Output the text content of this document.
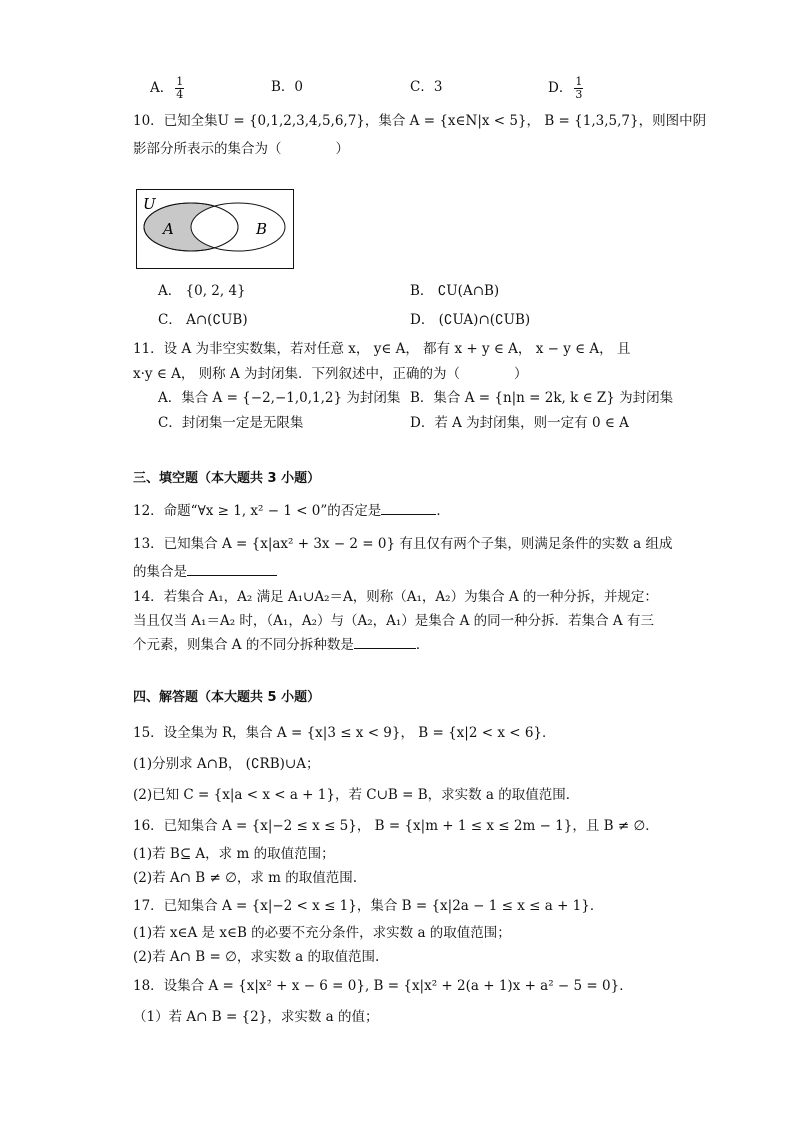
A． $\frac{1}{4}$	B．0	C．3	D． $\frac{1}{3}$
10．已知全集U = {0,1,2,3,4,5,6,7}，集合 A = {x∈N|x < 5}， B = {1,3,5,7}，则图中阴
影部分所表示的集合为（　　　　）
U
A	B
A． {0, 2, 4}	B． ∁U(A∩B)
C． A∩(∁UB)	D． (∁UA)∩(∁UB)
11．设 A 为非空实数集，若对任意 x， y∈ A， 都有 x + y ∈ A， x − y ∈ A， 且
x·y ∈ A， 则称 A 为封闭集．下列叙述中，正确的为（　　　　）
A．集合 A = {−2,−1,0,1,2} 为封闭集 B．集合 A = {n|n = 2k, k ∈ Z} 为封闭集
C．封闭集一定是无限集	D．若 A 为封闭集，则一定有 0 ∈ A
三、填空题（本大题共 3 小题）
12．命题“∀x ≥ 1, x² − 1 < 0”的否定是	．
13．已知集合 A = {x|ax² + 3x − 2 = 0} 有且仅有两个子集，则满足条件的实数 a 组成
的集合是
14．若集合 A₁，A₂ 满足 A₁∪A₂＝A，则称（A₁，A₂）为集合 A 的一种分拆，并规定：
当且仅当 A₁＝A₂ 时，（A₁，A₂）与（A₂，A₁）是集合 A 的同一种分拆．若集合 A 有三
个元素，则集合 A 的不同分拆种数是	．
四、解答题（本大题共 5 小题）
15．设全集为 R，集合 A = {x|3 ≤ x < 9}， B = {x|2 < x < 6}．
(1)分别求 A∩B， (∁RB)∪A；
(2)已知 C = {x|a < x < a + 1}，若 C∪B = B，求实数 a 的取值范围．
16．已知集合 A = {x|−2 ≤ x ≤ 5}， B = {x|m + 1 ≤ x ≤ 2m − 1}，且 B ≠ ∅．
(1)若 B⊆ A，求 m 的取值范围；
(2)若 A∩ B ≠ ∅，求 m 的取值范围.
17．已知集合 A = {x|−2 < x ≤ 1}，集合 B = {x|2a − 1 ≤ x ≤ a + 1}．
(1)若 x∈A 是 x∈B 的必要不充分条件，求实数 a 的取值范围；
(2)若 A∩ B = ∅，求实数 a 的取值范围.
18．设集合 A = {x|x² + x − 6 = 0}, B = {x|x² + 2(a + 1)x + a² − 5 = 0}．
（1）若 A∩ B = {2}，求实数 a 的值；
